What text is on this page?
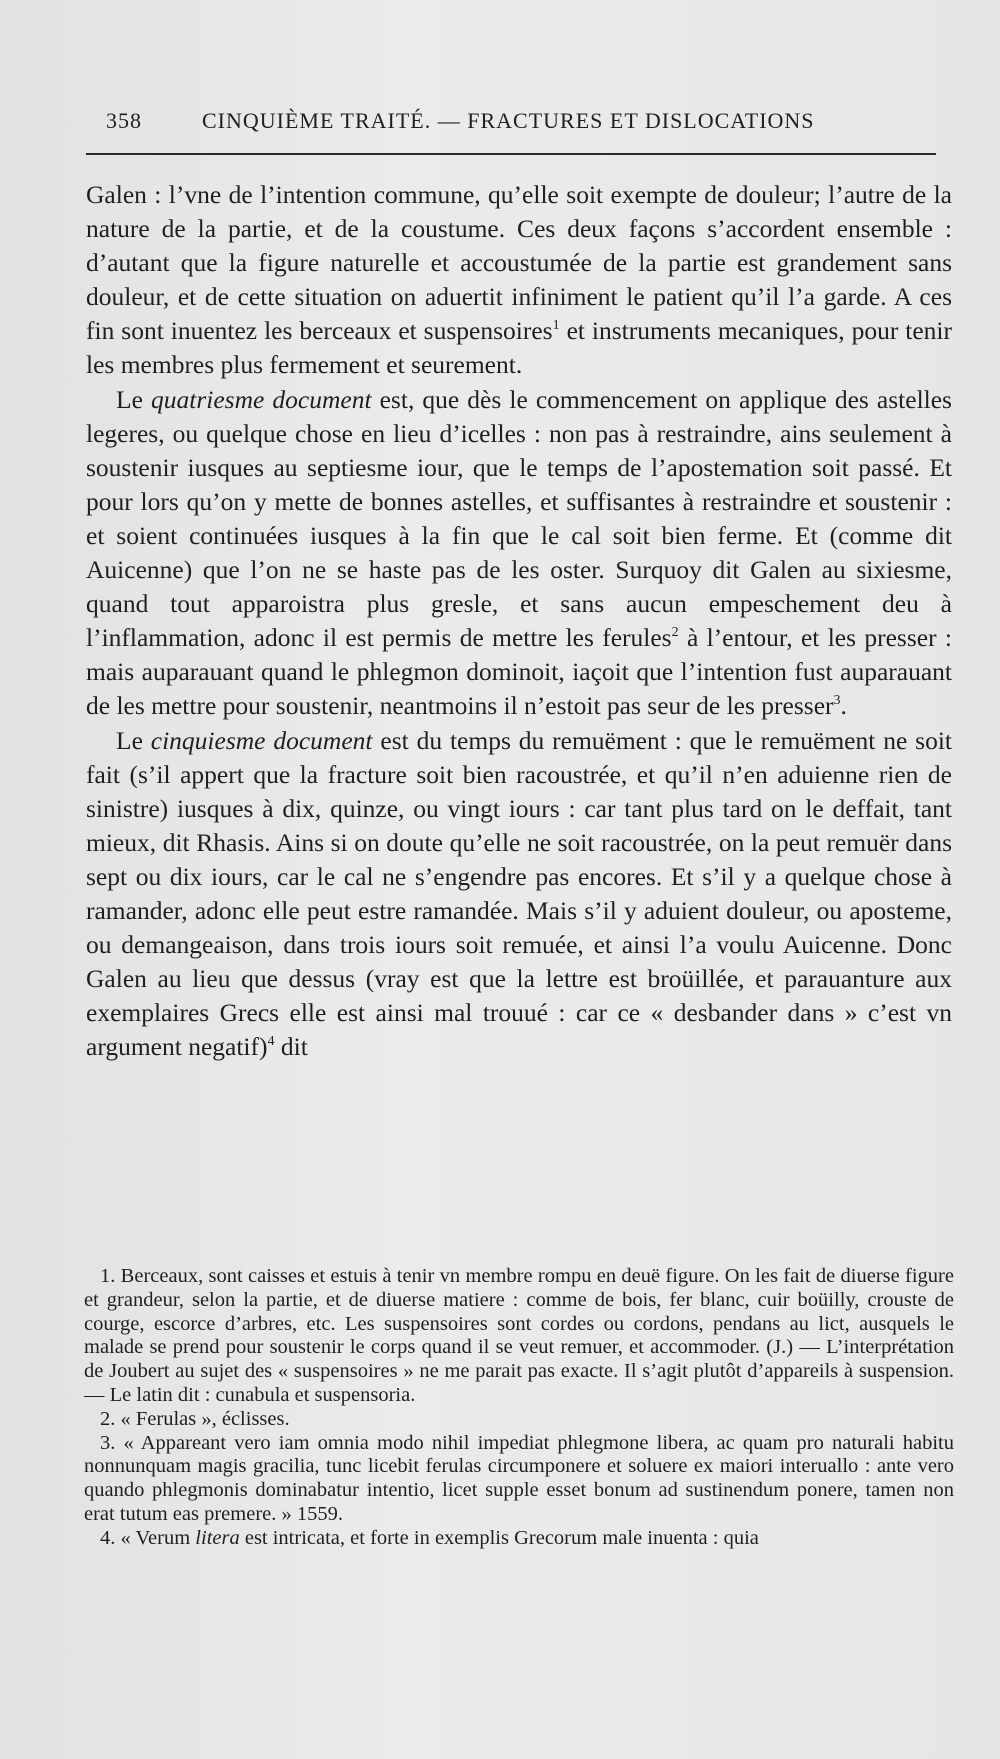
358	CINQUIÈME TRAITÉ. — FRACTURES ET DISLOCATIONS

Galen : l’vne de l’intention commune, qu’elle soit exempte de douleur; l’autre de la nature de la partie, et de la coustume. Ces deux façons s’accordent ensemble : d’autant que la figure naturelle et accoustumée de la partie est grandement sans douleur, et de cette situation on aduertit infiniment le patient qu’il l’a garde. A ces fin sont inuentez les berceaux et suspensoires$^1$ et instruments mecaniques, pour tenir les membres plus fermement et seurement.

Le quatriesme document est, que dès le commencement on applique des astelles legeres, ou quelque chose en lieu d’icelles : non pas à restraindre, ains seulement à soustenir iusques au septiesme iour, que le temps de l’apostemation soit passé. Et pour lors qu’on y mette de bonnes astelles, et suffisantes à restraindre et soustenir : et soient continuées iusques à la fin que le cal soit bien ferme. Et (comme dit Auicenne) que l’on ne se haste pas de les oster. Surquoy dit Galen au sixiesme, quand tout apparoistra plus gresle, et sans aucun empeschement deu à l’inflammation, adonc il est permis de mettre les ferules$^2$ à l’entour, et les presser : mais auparauant quand le phlegmon dominoit, iaçoit que l’intention fust auparauant de les mettre pour soustenir, neantmoins il n’estoit pas seur de les presser$^3$.

Le cinquiesme document est du temps du remuëment : que le remuëment ne soit fait (s’il appert que la fracture soit bien racoustrée, et qu’il n’en aduienne rien de sinistre) iusques à dix, quinze, ou vingt iours : car tant plus tard on le deffait, tant mieux, dit Rhasis. Ains si on doute qu’elle ne soit racoustrée, on la peut remuër dans sept ou dix iours, car le cal ne s’engendre pas encores. Et s’il y a quelque chose à ramander, adonc elle peut estre ramandée. Mais s’il y aduient douleur, ou aposteme, ou demangeaison, dans trois iours soit remuée, et ainsi l’a voulu Auicenne. Donc Galen au lieu que dessus (vray est que la lettre est broüillée, et parauanture aux exemplaires Grecs elle est ainsi mal trouué : car ce « desbander dans » c’est vn argument negatif)$^4$ dit

1. Berceaux, sont caisses et estuis à tenir vn membre rompu en deuë figure. On les fait de diuerse figure et grandeur, selon la partie, et de diuerse matiere : comme de bois, fer blanc, cuir boüilly, crouste de courge, escorce d’arbres, etc. Les suspensoires sont cordes ou cordons, pendans au lict, ausquels le malade se prend pour soustenir le corps quand il se veut remuer, et accommoder. (J.) — L’interprétation de Joubert au sujet des « suspensoires » ne me parait pas exacte. Il s’agit plutôt d’appareils à suspension. — Le latin dit : cunabula et suspensoria.

2. « Ferulas », éclisses.

3. « Appareant vero iam omnia modo nihil impediat phlegmone libera, ac quam pro naturali habitu nonnunquam magis gracilia, tunc licebit ferulas circumponere et soluere ex maiori interuallo : ante vero quando phlegmonis dominabatur intentio, licet supple esset bonum ad sustinendum ponere, tamen non erat tutum eas premere. » 1559.

4. « Verum litera est intricata, et forte in exemplis Grecorum male inuenta : quia
